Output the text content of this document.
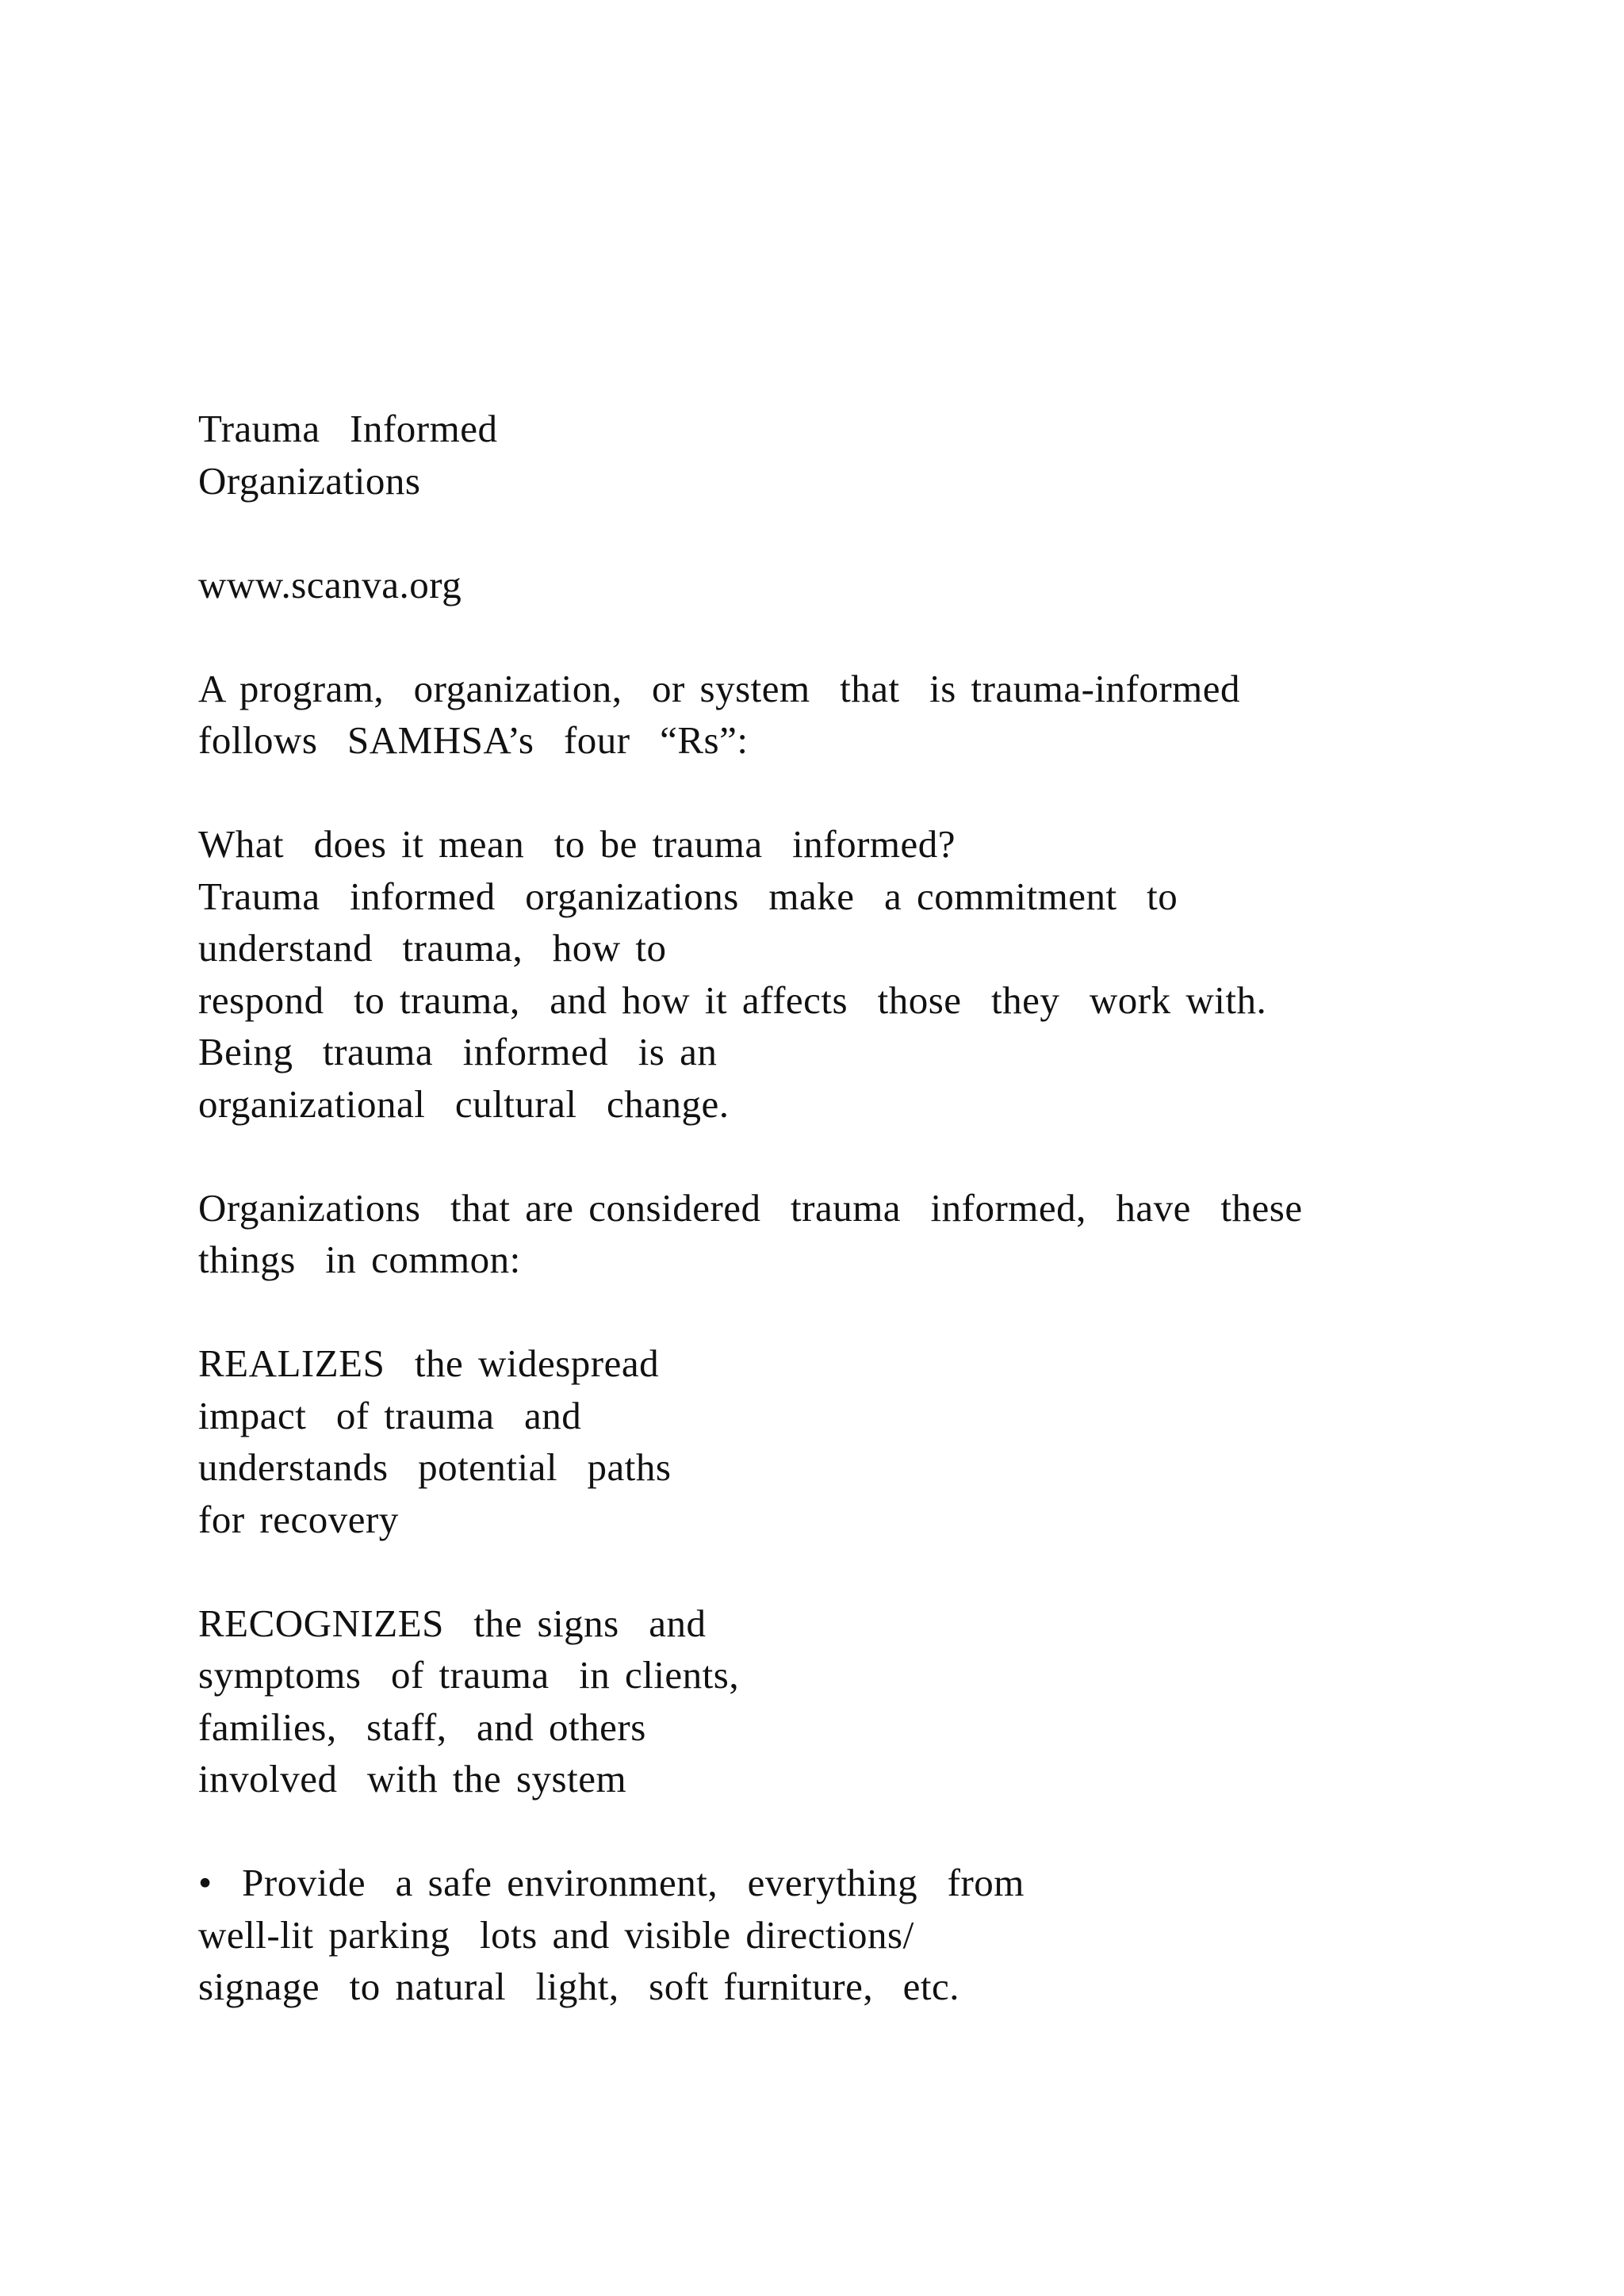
Trauma  Informed
Organizations
www.scanva.org
A program,  organization,  or system  that  is trauma-informed
follows  SAMHSA’s  four  “Rs”:
What  does it mean  to be trauma  informed?
Trauma  informed  organizations  make  a commitment  to
understand  trauma,  how to
respond  to trauma,  and how it affects  those  they  work with.
Being  trauma  informed  is an
organizational  cultural  change.
Organizations  that are considered  trauma  informed,  have  these
things  in common:
REALIZES  the widespread
impact  of trauma  and
understands  potential  paths
for recovery
RECOGNIZES  the signs  and
symptoms  of trauma  in clients,
families,  staff,  and others
involved  with the system
•  Provide  a safe environment,  everything  from
well-lit parking  lots and visible directions/
signage  to natural  light,  soft furniture,  etc.
